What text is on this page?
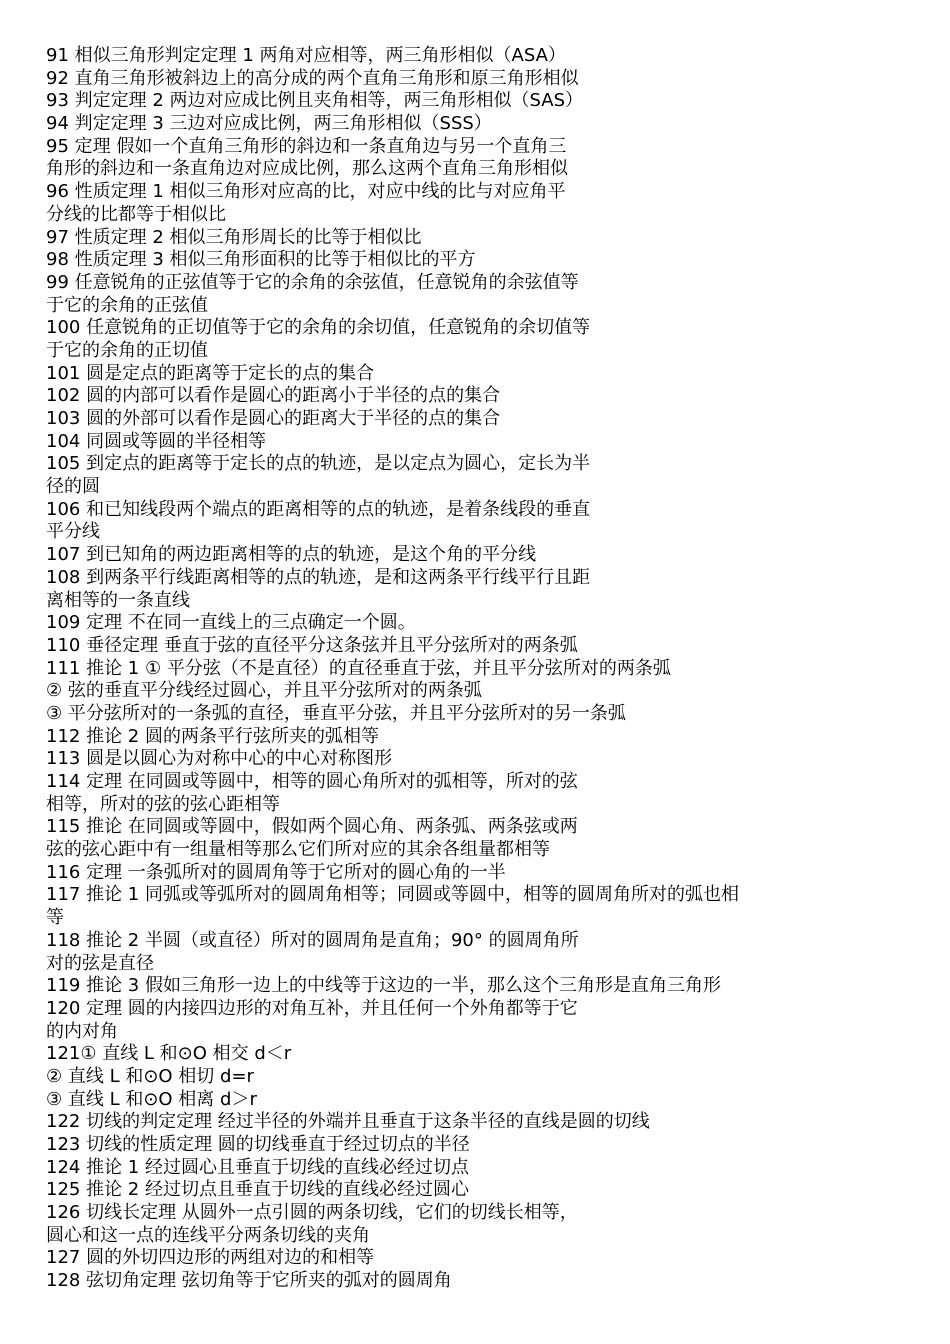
91 相似三角形判定定理 1 两角对应相等，两三角形相似（ASA）
92 直角三角形被斜边上的高分成的两个直角三角形和原三角形相似
93 判定定理 2 两边对应成比例且夹角相等，两三角形相似（SAS）
94 判定定理 3 三边对应成比例，两三角形相似（SSS）
95 定理 假如一个直角三角形的斜边和一条直角边与另一个直角三
角形的斜边和一条直角边对应成比例，那么这两个直角三角形相似
96 性质定理 1 相似三角形对应高的比，对应中线的比与对应角平
分线的比都等于相似比
97 性质定理 2 相似三角形周长的比等于相似比
98 性质定理 3 相似三角形面积的比等于相似比的平方
99 任意锐角的正弦值等于它的余角的余弦值，任意锐角的余弦值等
于它的余角的正弦值
100 任意锐角的正切值等于它的余角的余切值，任意锐角的余切值等
于它的余角的正切值
101 圆是定点的距离等于定长的点的集合
102 圆的内部可以看作是圆心的距离小于半径的点的集合
103 圆的外部可以看作是圆心的距离大于半径的点的集合
104 同圆或等圆的半径相等
105 到定点的距离等于定长的点的轨迹，是以定点为圆心，定长为半
径的圆
106 和已知线段两个端点的距离相等的点的轨迹，是着条线段的垂直
平分线
107 到已知角的两边距离相等的点的轨迹，是这个角的平分线
108 到两条平行线距离相等的点的轨迹，是和这两条平行线平行且距
离相等的一条直线
109 定理 不在同一直线上的三点确定一个圆。
110 垂径定理 垂直于弦的直径平分这条弦并且平分弦所对的两条弧
111 推论 1 ① 平分弦（不是直径）的直径垂直于弦，并且平分弦所对的两条弧
② 弦的垂直平分线经过圆心，并且平分弦所对的两条弧
③ 平分弦所对的一条弧的直径，垂直平分弦，并且平分弦所对的另一条弧
112 推论 2 圆的两条平行弦所夹的弧相等
113 圆是以圆心为对称中心的中心对称图形
114 定理 在同圆或等圆中，相等的圆心角所对的弧相等，所对的弦
相等，所对的弦的弦心距相等
115 推论 在同圆或等圆中，假如两个圆心角、两条弧、两条弦或两
弦的弦心距中有一组量相等那么它们所对应的其余各组量都相等
116 定理 一条弧所对的圆周角等于它所对的圆心角的一半
117 推论 1 同弧或等弧所对的圆周角相等；同圆或等圆中，相等的圆周角所对的弧也相
等
118 推论 2 半圆（或直径）所对的圆周角是直角；90° 的圆周角所
对的弦是直径
119 推论 3 假如三角形一边上的中线等于这边的一半，那么这个三角形是直角三角形
120 定理 圆的内接四边形的对角互补，并且任何一个外角都等于它
的内对角
121① 直线 L 和⊙O 相交 d＜r
② 直线 L 和⊙O 相切 d=r
③ 直线 L 和⊙O 相离 d＞r
122 切线的判定定理 经过半径的外端并且垂直于这条半径的直线是圆的切线
123 切线的性质定理 圆的切线垂直于经过切点的半径
124 推论 1 经过圆心且垂直于切线的直线必经过切点
125 推论 2 经过切点且垂直于切线的直线必经过圆心
126 切线长定理 从圆外一点引圆的两条切线，它们的切线长相等，
圆心和这一点的连线平分两条切线的夹角
127 圆的外切四边形的两组对边的和相等
128 弦切角定理 弦切角等于它所夹的弧对的圆周角
